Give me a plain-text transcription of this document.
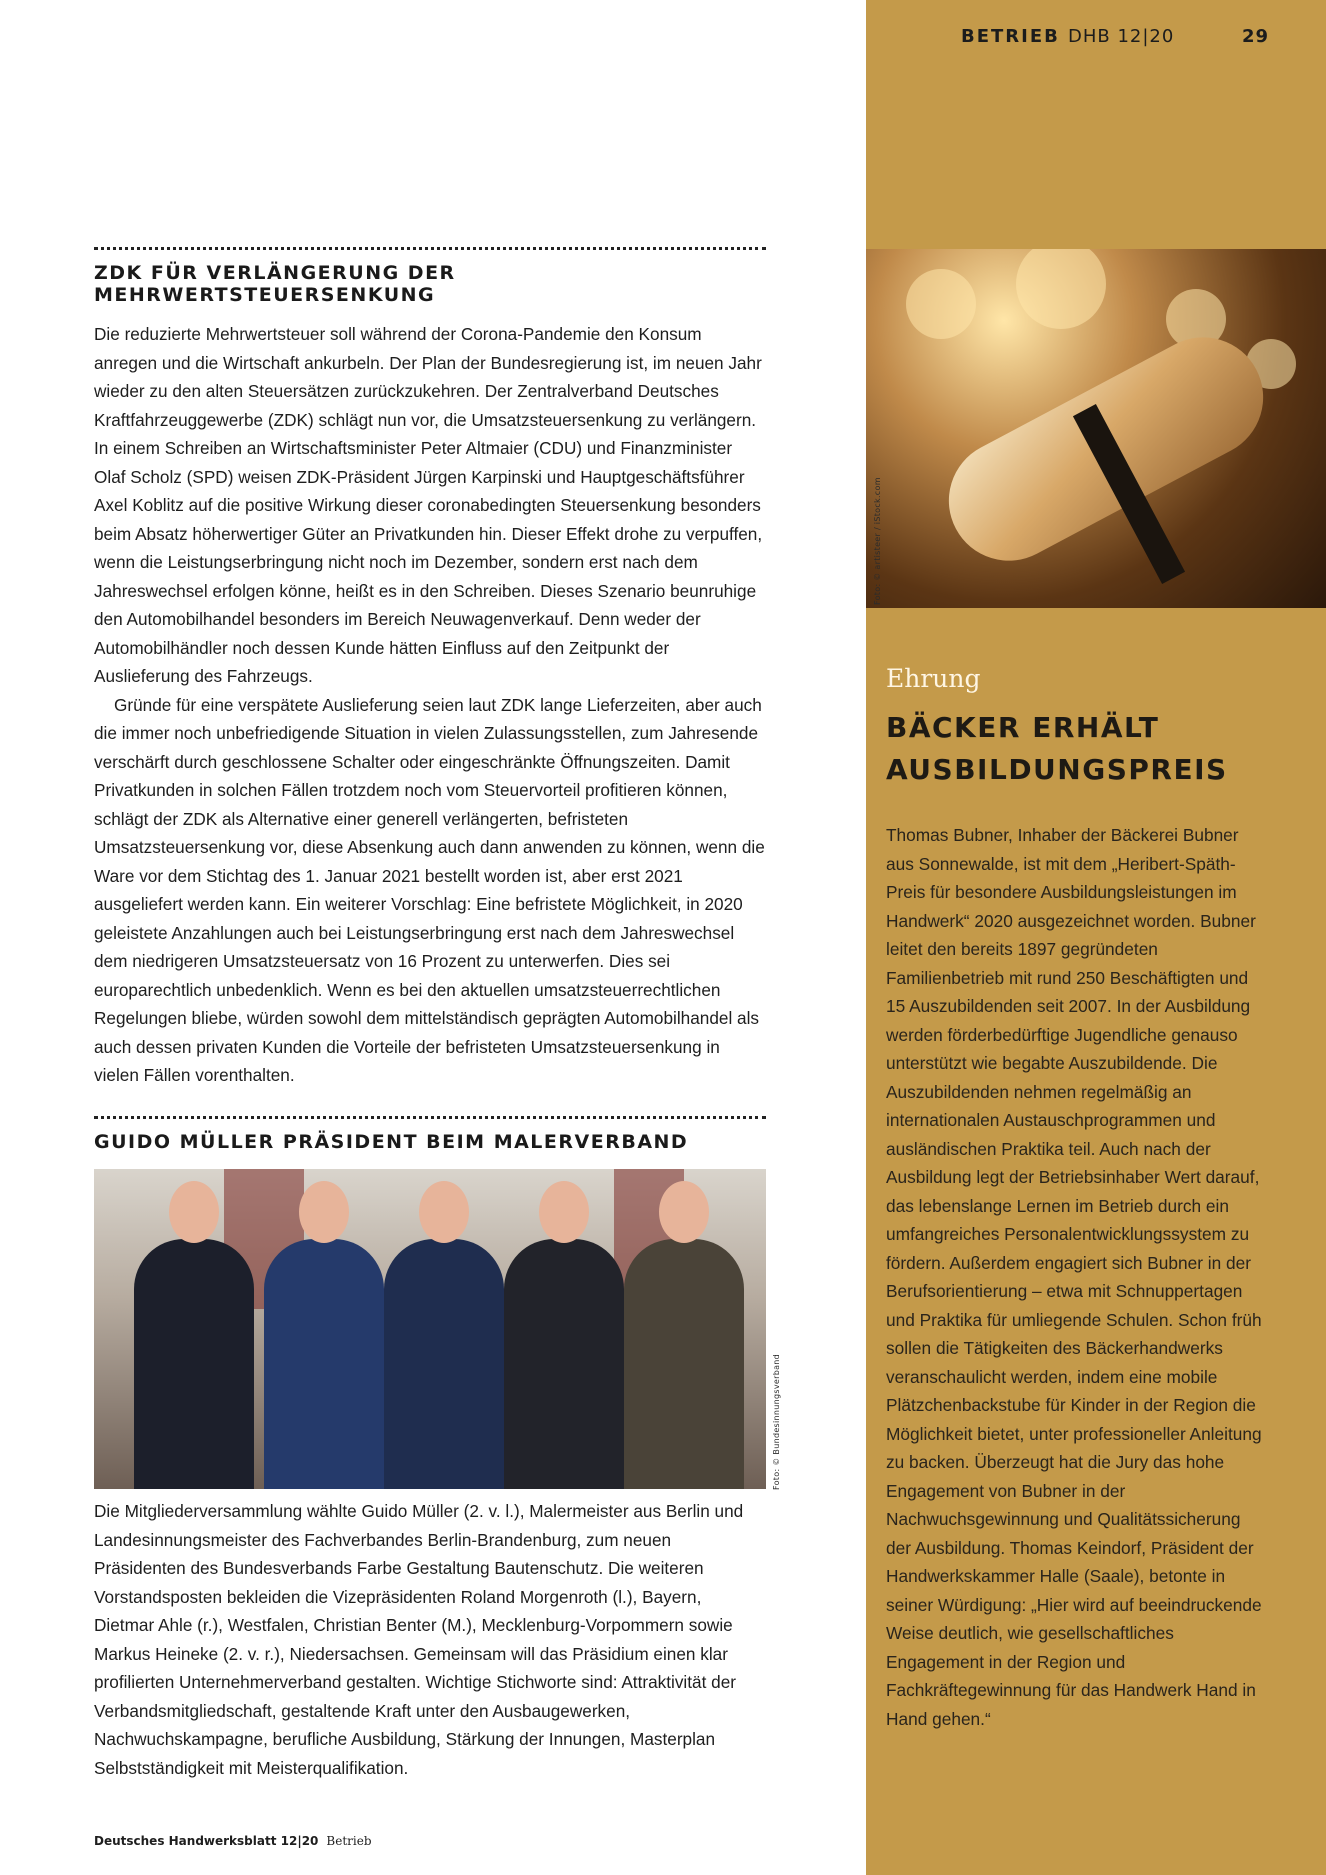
BETRIEB DHB 12|20	29
Foto: © artisteer / iStock.com
ZDK FÜR VERLÄNGERUNG DER MEHRWERTSTEUERSENKUNG

Die reduzierte Mehrwertsteuer soll während der Corona-Pandemie den Konsum anregen und die Wirtschaft ankurbeln. Der Plan der Bundesregierung ist, im neuen Jahr wieder zu den alten Steuersätzen zurückzukehren. Der Zentralverband Deutsches Kraftfahrzeuggewerbe (ZDK) schlägt nun vor, die Umsatzsteuersenkung zu verlängern. In einem Schreiben an Wirtschaftsminister Peter Altmaier (CDU) und Finanzminister Olaf Scholz (SPD) weisen ZDK-Präsident Jürgen Karpinski und Hauptgeschäftsführer Axel Koblitz auf die positive Wirkung dieser coronabedingten Steuersenkung besonders beim Absatz höherwertiger Güter an Privatkunden hin. Dieser Effekt drohe zu verpuffen, wenn die Leistungserbringung nicht noch im Dezember, sondern erst nach dem Jahreswechsel erfolgen könne, heißt es in den Schreiben. Dieses Szenario beunruhige den Automobilhandel besonders im Bereich Neuwagenverkauf. Denn weder der Automobilhändler noch dessen Kunde hätten Einfluss auf den Zeitpunkt der Auslieferung des Fahrzeugs.

Gründe für eine verspätete Auslieferung seien laut ZDK lange Lieferzeiten, aber auch die immer noch unbefriedigende Situation in vielen Zulassungsstellen, zum Jahresende verschärft durch geschlossene Schalter oder eingeschränkte Öffnungszeiten. Damit Privatkunden in solchen Fällen trotzdem noch vom Steuervorteil profitieren können, schlägt der ZDK als Alternative einer generell verlängerten, befristeten Umsatzsteuersenkung vor, diese Absenkung auch dann anwenden zu können, wenn die Ware vor dem Stichtag des 1. Januar 2021 bestellt worden ist, aber erst 2021 ausgeliefert werden kann. Ein weiterer Vorschlag: Eine befristete Möglichkeit, in 2020 geleistete Anzahlungen auch bei Leistungserbringung erst nach dem Jahreswechsel dem niedrigeren Umsatzsteuersatz von 16 Prozent zu unterwerfen. Dies sei europarechtlich unbedenklich. Wenn es bei den aktuellen umsatzsteuerrechtlichen Regelungen bliebe, würden sowohl dem mittelständisch geprägten Automobilhandel als auch dessen privaten Kunden die Vorteile der befristeten Umsatzsteuersenkung in vielen Fällen vorenthalten.

GUIDO MÜLLER PRÄSIDENT BEIM MALERVERBAND

Die Mitgliederversammlung wählte Guido Müller (2. v. l.), Malermeister aus Berlin und Landesinnungsmeister des Fachverbandes Berlin-Brandenburg, zum neuen Präsidenten des Bundesverbands Farbe Gestaltung Bautenschutz. Die weiteren Vorstandsposten bekleiden die Vizepräsidenten Roland Morgenroth (l.), Bayern, Dietmar Ahle (r.), Westfalen, Christian Benter (M.), Mecklenburg-Vorpommern sowie Markus Heineke (2. v. r.), Niedersachsen. Gemeinsam will das Präsidium einen klar profilierten Unternehmerverband gestalten. Wichtige Stichworte sind: Attraktivität der Verbandsmitgliedschaft, gestaltende Kraft unter den Ausbaugewerken, Nachwuchskampagne, berufliche Ausbildung, Stärkung der Innungen, Masterplan Selbstständigkeit mit Meisterqualifikation.

Foto: © Bundesinnungsverband

Ehrung

BÄCKER ERHÄLT
AUSBILDUNGSPREIS
Thomas Bubner, Inhaber der Bäckerei Bubner aus Sonnewalde, ist mit dem „Heribert-Späth-Preis für besondere Ausbildungsleistungen im Handwerk“ 2020 ausgezeichnet worden. Bubner leitet den bereits 1897 gegründeten Familienbetrieb mit rund 250 Beschäftigten und 15 Auszubildenden seit 2007. In der Ausbildung werden förderbedürftige Jugendliche genauso unterstützt wie begabte Auszubildende. Die Auszubildenden nehmen regelmäßig an internationalen Austauschprogrammen und ausländischen Praktika teil. Auch nach der Ausbildung legt der Betriebsinhaber Wert darauf, das lebenslange Lernen im Betrieb durch ein umfangreiches Personalentwicklungssystem zu fördern. Außerdem engagiert sich Bubner in der Berufsorientierung – etwa mit Schnuppertagen und Praktika für umliegende Schulen. Schon früh sollen die Tätigkeiten des Bäckerhandwerks veranschaulicht werden, indem eine mobile Plätzchenbackstube für Kinder in der Region die Möglichkeit bietet, unter professioneller Anleitung zu backen. Überzeugt hat die Jury das hohe Engagement von Bubner in der Nachwuchsgewinnung und Qualitätssicherung der Ausbildung. Thomas Keindorf, Präsident der Handwerkskammer Halle (Saale), betonte in seiner Würdigung: „Hier wird auf beeindruckende Weise deutlich, wie gesellschaftliches Engagement in der Region und Fachkräftegewinnung für das Handwerk Hand in Hand gehen.“
Deutsches Handwerksblatt 12|20 Betrieb
